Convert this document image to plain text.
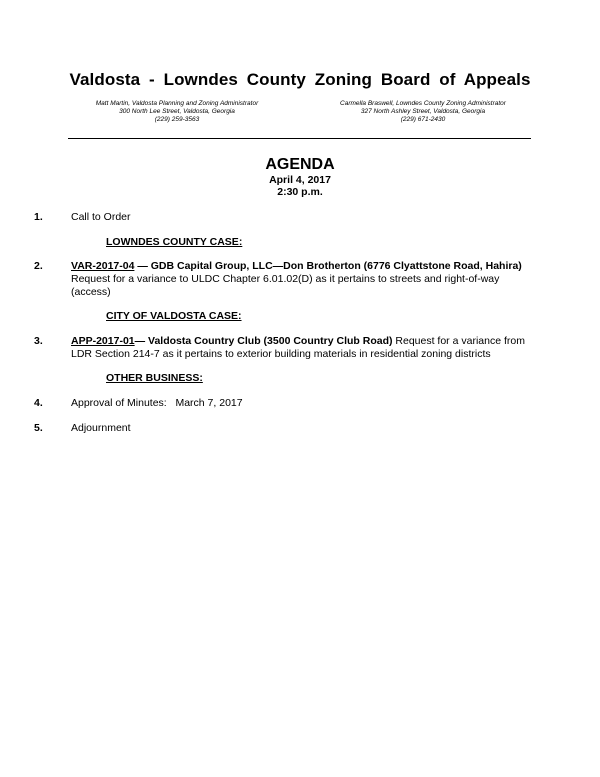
Valdosta - Lowndes County Zoning Board of Appeals
Matt Martin, Valdosta Planning and Zoning Administrator
300 North Lee Street, Valdosta, Georgia
(229) 259-3563
Carmella Braswell, Lowndes County Zoning Administrator
327 North Ashley Street, Valdosta, Georgia
(229) 671-2430
AGENDA
April 4, 2017
2:30 p.m.
1.	Call to Order
LOWNDES COUNTY CASE:
2.	VAR-2017-04 — GDB Capital Group, LLC—Don Brotherton (6776 Clyattstone Road, Hahira) Request for a variance to ULDC Chapter 6.01.02(D) as it pertains to streets and right-of-way (access)
CITY OF VALDOSTA CASE:
3.	APP-2017-01— Valdosta Country Club (3500 Country Club Road) Request for a variance from LDR Section 214-7 as it pertains to exterior building materials in residential zoning districts
OTHER BUSINESS:
4.	Approval of Minutes:   March 7, 2017
5.	Adjournment
